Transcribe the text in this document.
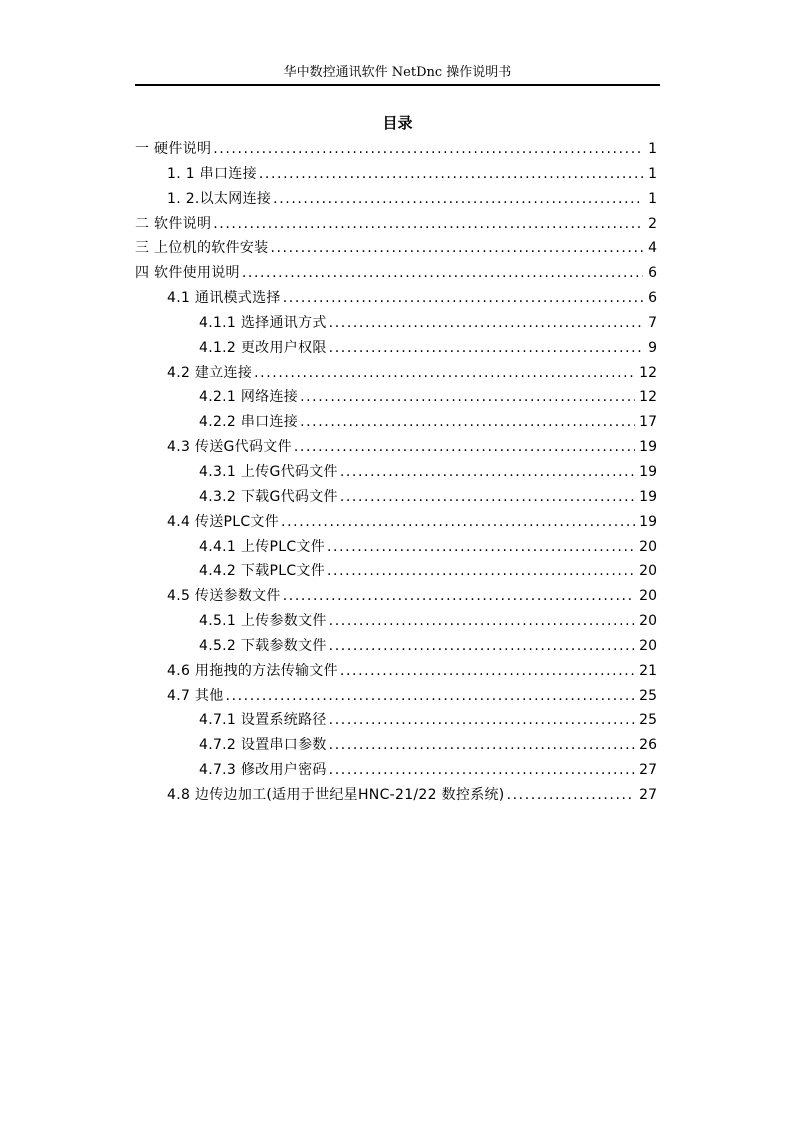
华中数控通讯软件 NetDnc 操作说明书
目录
一 硬件说明 .....	1
1. 1 串口连接 .....	1
1. 2.以太网连接 .....	1
二 软件说明 .....	2
三 上位机的软件安装 .....	4
四 软件使用说明 .....	6
4.1 通讯模式选择 .....	6
4.1.1 选择通讯方式 .....	7
4.1.2 更改用户权限 .....	9
4.2 建立连接 .....	12
4.2.1 网络连接 .....	12
4.2.2 串口连接 .....	17
4.3 传送G代码文件 .....	19
4.3.1 上传G代码文件 .....	19
4.3.2 下载G代码文件 .....	19
4.4 传送PLC文件 .....	19
4.4.1 上传PLC文件 .....	20
4.4.2 下载PLC文件 .....	20
4.5 传送参数文件 .....	20
4.5.1 上传参数文件 .....	20
4.5.2 下载参数文件 .....	20
4.6 用拖拽的方法传输文件 .....	21
4.7 其他 .....	25
4.7.1 设置系统路径 .....	25
4.7.2 设置串口参数 .....	26
4.7.3 修改用户密码 .....	27
4.8 边传边加工(适用于世纪星HNC-21/22 数控系统) .....	27
